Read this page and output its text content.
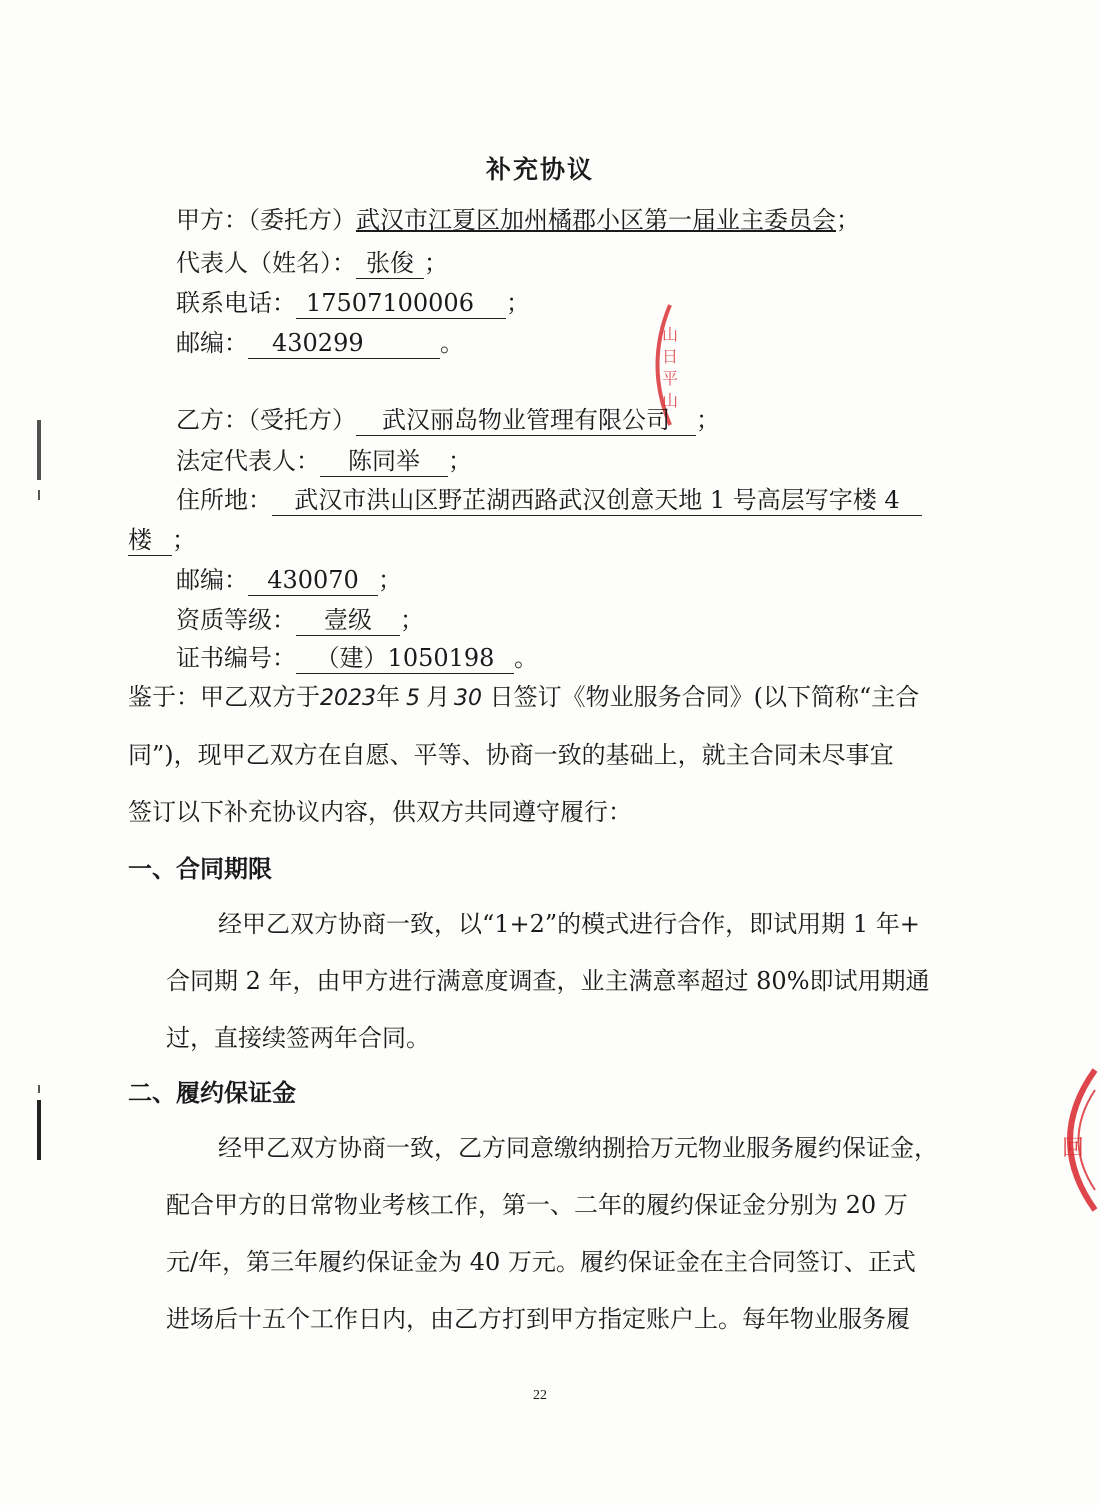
山
日
平
山
回
补充协议
甲方：（委托方）武汉市江夏区加州橘郡小区第一届业主委员会；
代表人（姓名）： 张俊 ；
联系电话： 17507100006 ；
邮编： 430299	。
乙方：（受托方） 武汉丽岛物业管理有限公司 ；
法定代表人： 陈同举 ；
住所地： 武汉市洪山区野芷湖西路武汉创意天地 1 号高层写字楼 4
楼 ；
邮编： 430070 ；
资质等级： 壹级 ；
证书编号： （建）1050198 。
鉴于：甲乙双方于2023年 5 月 30 日签订《物业服务合同》(以下简称“主合
同”)，现甲乙双方在自愿、平等、协商一致的基础上，就主合同未尽事宜
签订以下补充协议内容，供双方共同遵守履行：
一、合同期限
经甲乙双方协商一致，以“1+2”的模式进行合作，即试用期 1 年+
合同期 2 年，由甲方进行满意度调查，业主满意率超过 80%即试用期通
过，直接续签两年合同。
二、履约保证金
经甲乙双方协商一致，乙方同意缴纳捌拾万元物业服务履约保证金，
配合甲方的日常物业考核工作，第一、二年的履约保证金分别为 20 万
元/年，第三年履约保证金为 40 万元。履约保证金在主合同签订、正式
进场后十五个工作日内，由乙方打到甲方指定账户上。每年物业服务履
22
